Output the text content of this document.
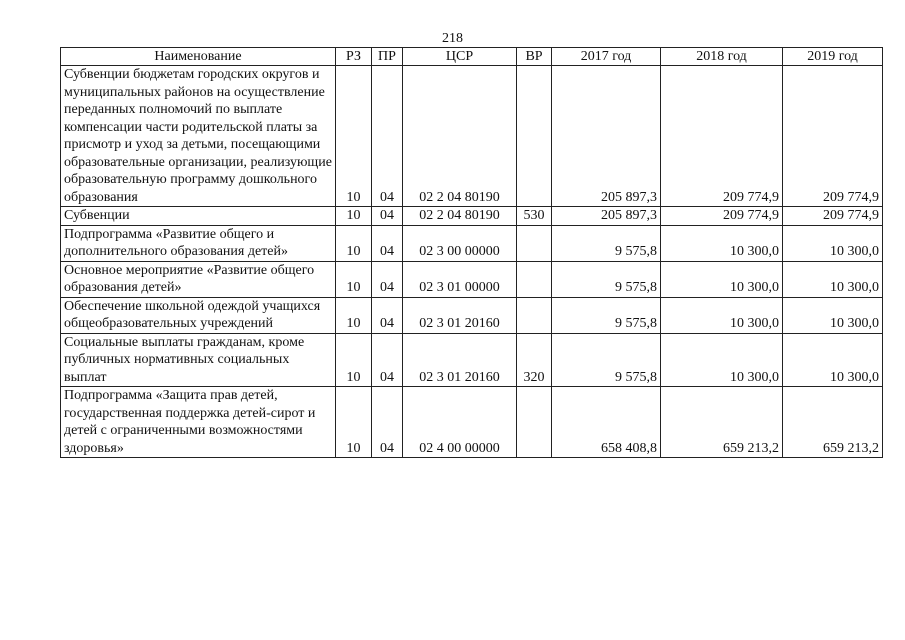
218
Наименование	РЗ	ПР	ЦСР	ВР	2017 год	2018 год	2019 год
Субвенции бюджетам городских округов и муниципальных районов на осуществление переданных полномочий по выплате компенсации части родительской платы за присмотр и уход за детьми, посещающими образовательные организации, реализующие образовательную программу дошкольного образования	10	04	02 2 04 80190		205 897,3	209 774,9	209 774,9
Субвенции	10	04	02 2 04 80190	530	205 897,3	209 774,9	209 774,9
Подпрограмма «Развитие общего и дополнительного образования детей»	10	04	02 3 00 00000		9 575,8	10 300,0	10 300,0
Основное мероприятие «Развитие общего образования детей»	10	04	02 3 01 00000		9 575,8	10 300,0	10 300,0
Обеспечение школьной одеждой учащихся общеобразовательных учреждений	10	04	02 3 01 20160		9 575,8	10 300,0	10 300,0
Социальные выплаты гражданам, кроме публичных нормативных социальных выплат	10	04	02 3 01 20160	320	9 575,8	10 300,0	10 300,0
Подпрограмма «Защита прав детей, государственная поддержка детей-сирот и детей с ограниченными возможностями здоровья»	10	04	02 4 00 00000		658 408,8	659 213,2	659 213,2
